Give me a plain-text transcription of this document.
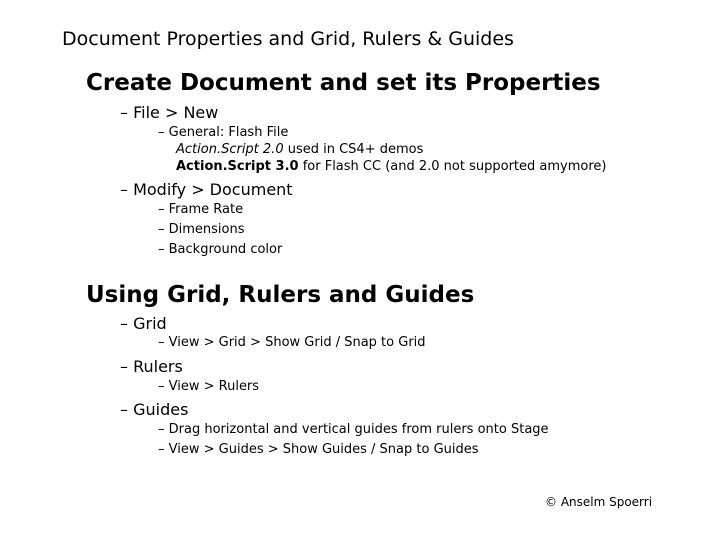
Document Properties and Grid, Rulers & Guides
Create Document and set its Properties
– File > New
– General: Flash File
Action.Script 2.0 used in CS4+ demos
Action.Script 3.0 for Flash CC (and 2.0 not supported amymore)
– Modify > Document
– Frame Rate
– Dimensions
– Background color
Using Grid, Rulers and Guides
– Grid
– View > Grid > Show Grid / Snap to Grid
– Rulers
– View > Rulers
– Guides
– Drag horizontal and vertical guides from rulers onto Stage
– View > Guides > Show Guides / Snap to Guides
© Anselm Spoerri
